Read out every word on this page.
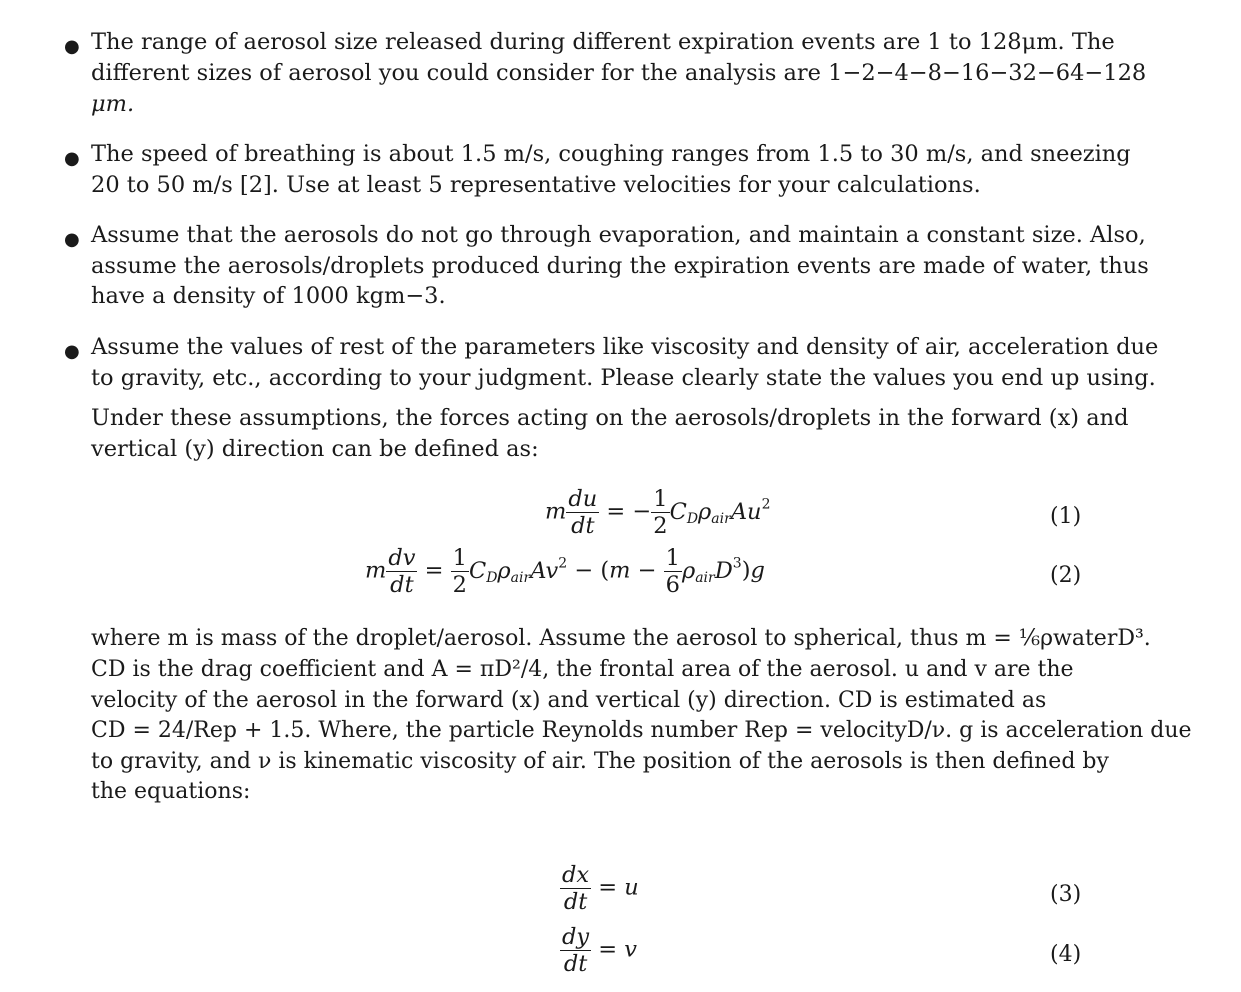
● The range of aerosol size released during different expiration events are 1 to 128μm. The
different sizes of aerosol you could consider for the analysis are 1−2−4−8−16−32−64−128
μm.
● The speed of breathing is about 1.5 m/s, coughing ranges from 1.5 to 30 m/s, and sneezing
20 to 50 m/s [2]. Use at least 5 representative velocities for your calculations.
● Assume that the aerosols do not go through evaporation, and maintain a constant size. Also,
assume the aerosols/droplets produced during the expiration events are made of water, thus
have a density of 1000 kgm−3.
● Assume the values of rest of the parameters like viscosity and density of air, acceleration due
to gravity, etc., according to your judgment. Please clearly state the values you end up using.
Under these assumptions, the forces acting on the aerosols/droplets in the forward (x) and
vertical (y) direction can be defined as:
m $\frac{du}{dt}$ = − $\frac{1}{2} C_D\rho_{air}Au^2$	(1)
m $\frac{dv}{dt} = \frac{1}{2} C_D\rho_{air}Av^2 - (m - \frac{1}{6} \rho_{air}D^3)g$	(2)
where m is mass of the droplet/aerosol. Assume the aerosol to spherical, thus m = ⅙ρwaterD³.
CD is the drag coefficient and A = πD²/4, the frontal area of the aerosol. u and v are the
velocity of the aerosol in the forward (x) and vertical (y) direction. CD is estimated as
CD = 24/Rep + 1.5. Where, the particle Reynolds number Rep = velocityD/ν. g is acceleration due
to gravity, and ν is kinematic viscosity of air. The position of the aerosols is then defined by
the equations:
$\frac{dx}{dt} = u$	(3)
$\frac{dy}{dt} = v$	(4)
